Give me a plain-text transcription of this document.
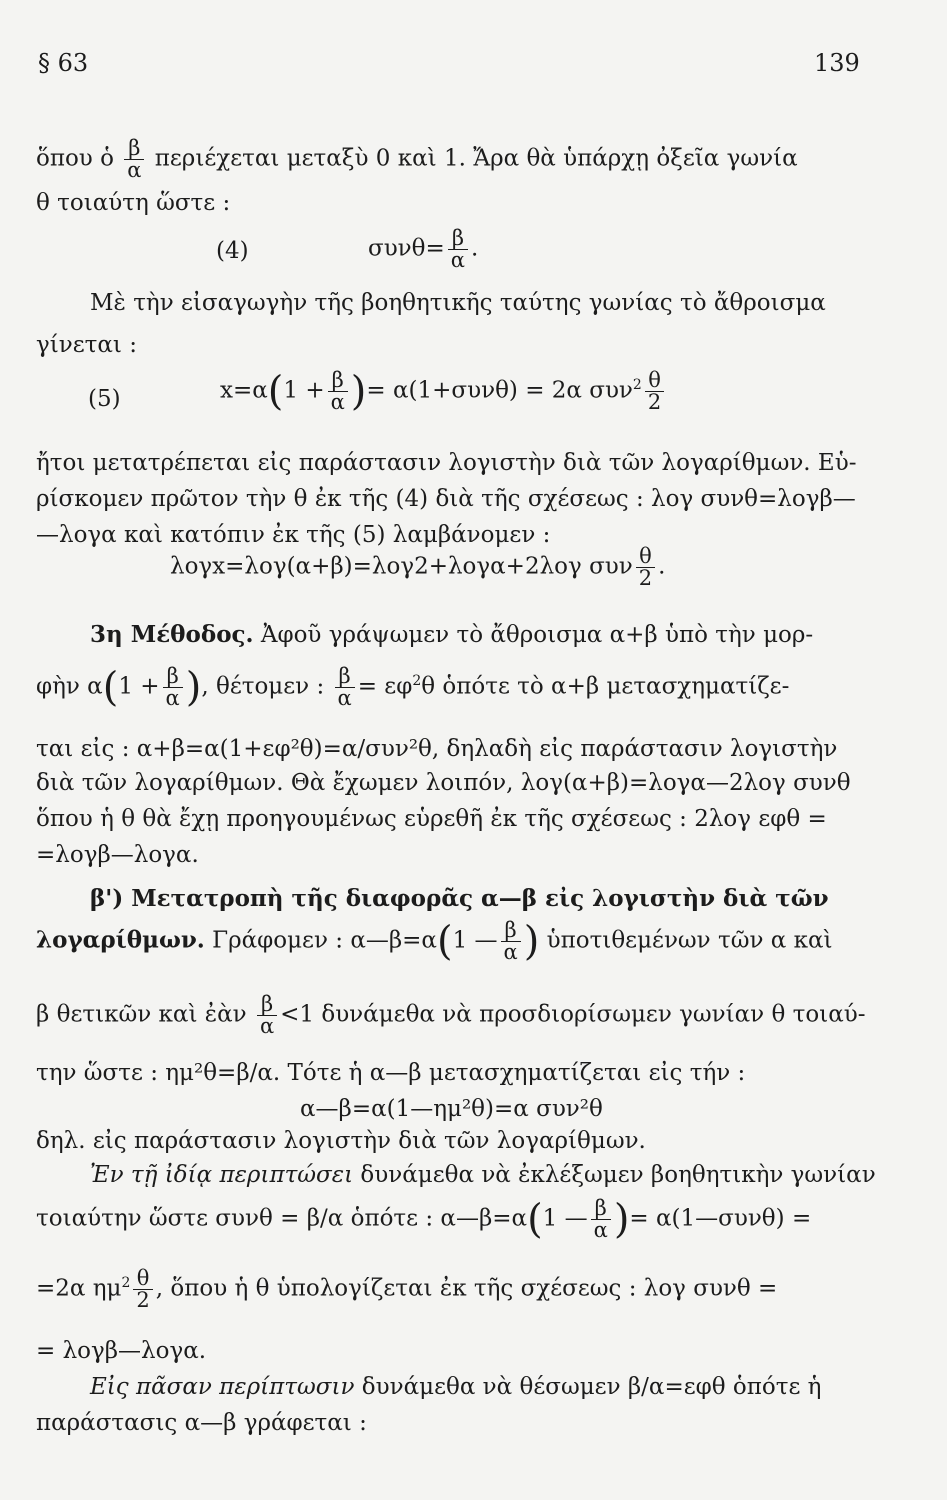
§ 63	139
ὅπου ὁ $\frac{\beta}{\alpha}$ περιέχεται μεταξὺ 0 καὶ 1. Ἄρα θὰ ὑπάρχῃ ὀξεῖα γωνία
θ τοιαύτη ὥστε :
(4)	$\sigma\upsilon\nu\theta= \frac{\beta}{\alpha}$ .
Μὲ τὴν εἰσαγωγὴν τῆς βοηθητικῆς ταύτης γωνίας τὸ ἄθροισμα
γίνεται :
(5)	$x=\alpha(1 + \frac{\beta}{\alpha}$ )= α(1+συνθ) = 2α $\sigma\upsilon\nu^2 \frac{\theta}{2}$
ἤτοι μετατρέπεται εἰς παράστασιν λογιστὴν διὰ τῶν λογαρίθμων. Εὑ-
ρίσκομεν πρῶτον τὴν θ ἐκ τῆς (4) διὰ τῆς σχέσεως : λογ συνθ=λογβ—
—λογα καὶ κατόπιν ἐκ τῆς (5) λαμβάνομεν :
λογx=λογ(α+β)=λογ2+λογα+2λογ συν $\frac{\theta}{2}$ .
3η Μέθοδος. Ἀφοῦ γράψωμεν τὸ ἄθροισμα α+β ὑπὸ τὴν μορ-
φὴν $\alpha(1 + \frac{\beta}{\alpha}$ ), θέτομεν : $\frac{\beta}{\alpha} = \varepsilon\varphi^2\theta$ ὁπότε τὸ α+β μετασχηματίζε-
ται εἰς : α+β=α(1+εφ²θ)=α/συν²θ, δηλαδὴ εἰς παράστασιν λογιστὴν
διὰ τῶν λογαρίθμων. Θὰ ἔχωμεν λοιπόν, λογ(α+β)=λογα—2λογ συνθ
ὅπου ἡ θ θὰ ἔχῃ προηγουμένως εὑρεθῆ ἐκ τῆς σχέσεως : 2λογ εφθ =
=λογβ—λογα.
β') Μετατροπὴ τῆς διαφορᾶς α—β εἰς λογιστὴν διὰ τῶν
λογαρίθμων. Γράφομεν : α—β=α(1 — $\frac{\beta}{\alpha}$ ) ὑποτιθεμένων τῶν α καὶ
β θετικῶν καὶ ἐὰν $\frac{\beta}{\alpha} <1$ δυνάμεθα νὰ προσδιορίσωμεν γωνίαν θ τοιαύ-
την ὥστε : ημ²θ=β/α. Τότε ἡ α—β μετασχηματίζεται εἰς τήν :
α—β=α(1—ημ²θ)=α συν²θ
δηλ. εἰς παράστασιν λογιστὴν διὰ τῶν λογαρίθμων.
Ἐν τῇ ἰδίᾳ περιπτώσει δυνάμεθα νὰ ἐκλέξωμεν βοηθητικὴν γωνίαν
τοιαύτην ὥστε συνθ = β/α ὁπότε : α—β=α(1 — $\frac{\beta}{\alpha}$ )= α(1—συνθ) =
=2α $\eta\mu^2 \frac{\theta}{2}$ , ὅπου ἡ θ ὑπολογίζεται ἐκ τῆς σχέσεως : λογ συνθ =
= λογβ—λογα.
Εἰς πᾶσαν περίπτωσιν δυνάμεθα νὰ θέσωμεν β/α=εφθ ὁπότε ἡ
παράστασις α—β γράφεται :
